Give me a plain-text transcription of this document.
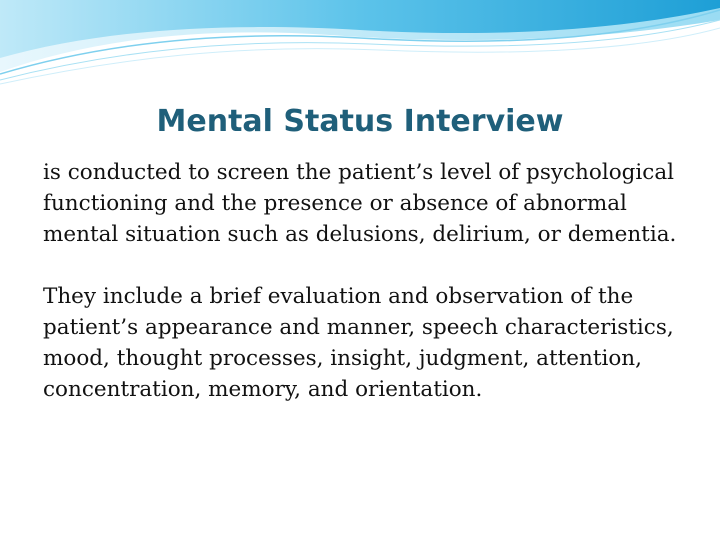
Mental Status Interview

is conducted to screen the patient’s level of psychological functioning and the presence or absence of abnormal mental situation such as delusions, delirium, or dementia.

They include a brief evaluation and observation of the patient’s appearance and manner, speech characteristics, mood, thought processes, insight, judgment, attention, concentration, memory, and orientation.
